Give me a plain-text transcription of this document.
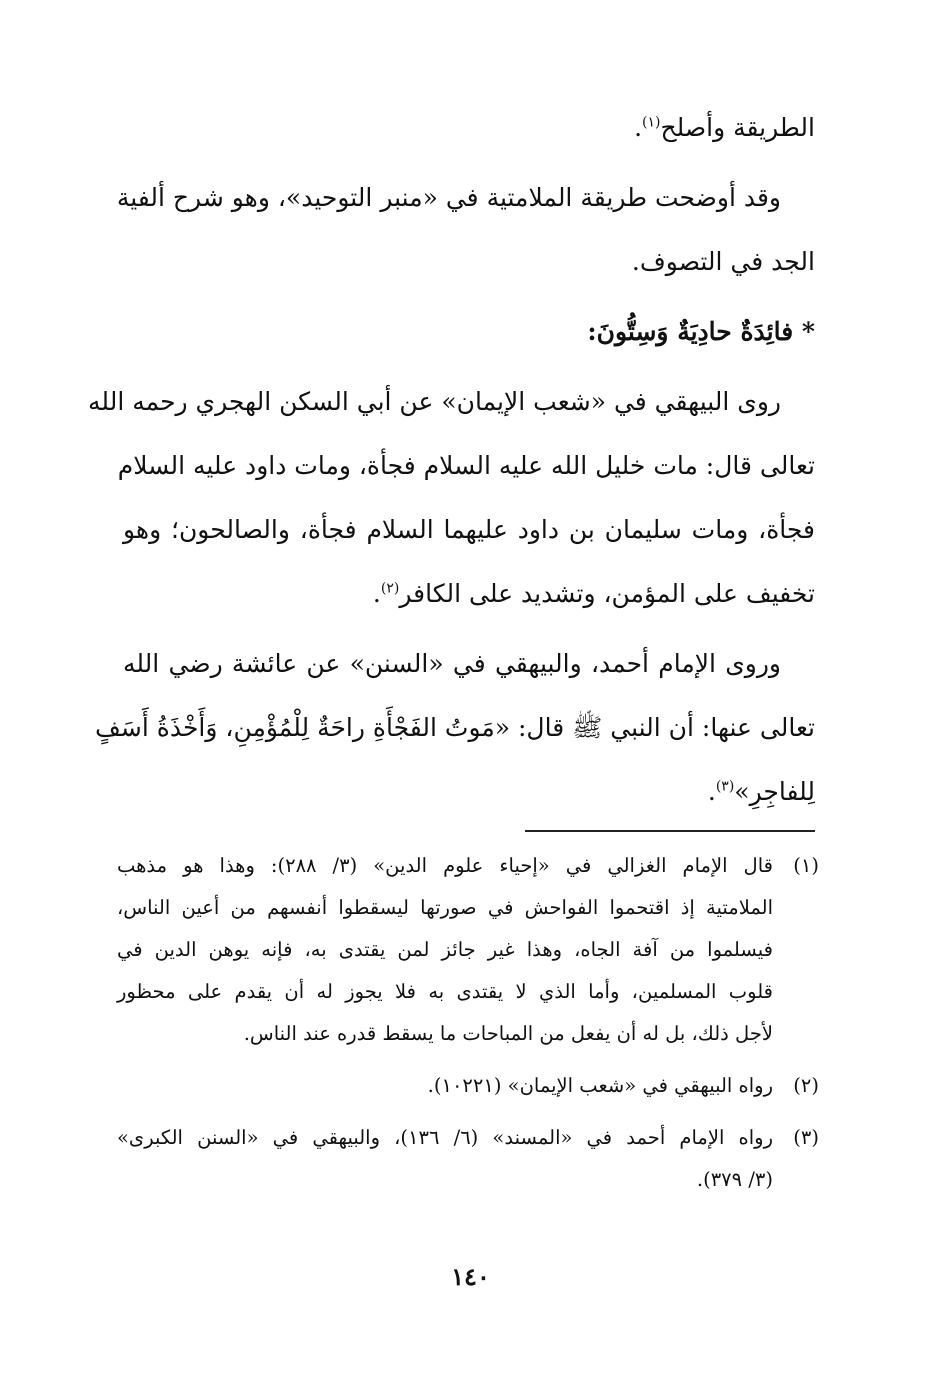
الطريقة وأصلح$^{(١)}$.
وقد أوضحت طريقة الملامتية في «منبر التوحيد»، وهو شرح ألفية
الجد في التصوف.
* فائِدَةٌ حادِيَةٌ وَسِتُّونَ:
روى البيهقي في «شعب الإيمان» عن أبي السكن الهجري رحمه الله
تعالى قال: مات خليل الله عليه السلام فجأة، ومات داود عليه السلام
فجأة، ومات سليمان بن داود عليهما السلام فجأة، والصالحون؛ وهو
تخفيف على المؤمن، وتشديد على الكافر$^{(٢)}$.
وروى الإمام أحمد، والبيهقي في «السنن» عن عائشة رضي الله
تعالى عنها: أن النبي ﷺ قال: «مَوتُ الفَجْأَةِ راحَةٌ لِلْمُؤْمِنِ، وَأَخْذَةُ أَسَفٍ
لِلفاجِرِ»$^{(٣)}$.
(١)
قال الإمام الغزالي في «إحياء علوم الدين» (٣/ ٢٨٨): وهذا هو مذهب
الملامتية إذ اقتحموا الفواحش في صورتها ليسقطوا أنفسهم من أعين الناس،
فيسلموا من آفة الجاه، وهذا غير جائز لمن يقتدى به، فإنه يوهن الدين في
قلوب المسلمين، وأما الذي لا يقتدى به فلا يجوز له أن يقدم على محظور
لأجل ذلك، بل له أن يفعل من المباحات ما يسقط قدره عند الناس.
(٢)
رواه البيهقي في «شعب الإيمان» (١٠٢٢١).
(٣)
رواه الإمام أحمد في «المسند» (٦/ ١٣٦)، والبيهقي في «السنن الكبرى»
(٣/ ٣٧٩).
١٤٠
